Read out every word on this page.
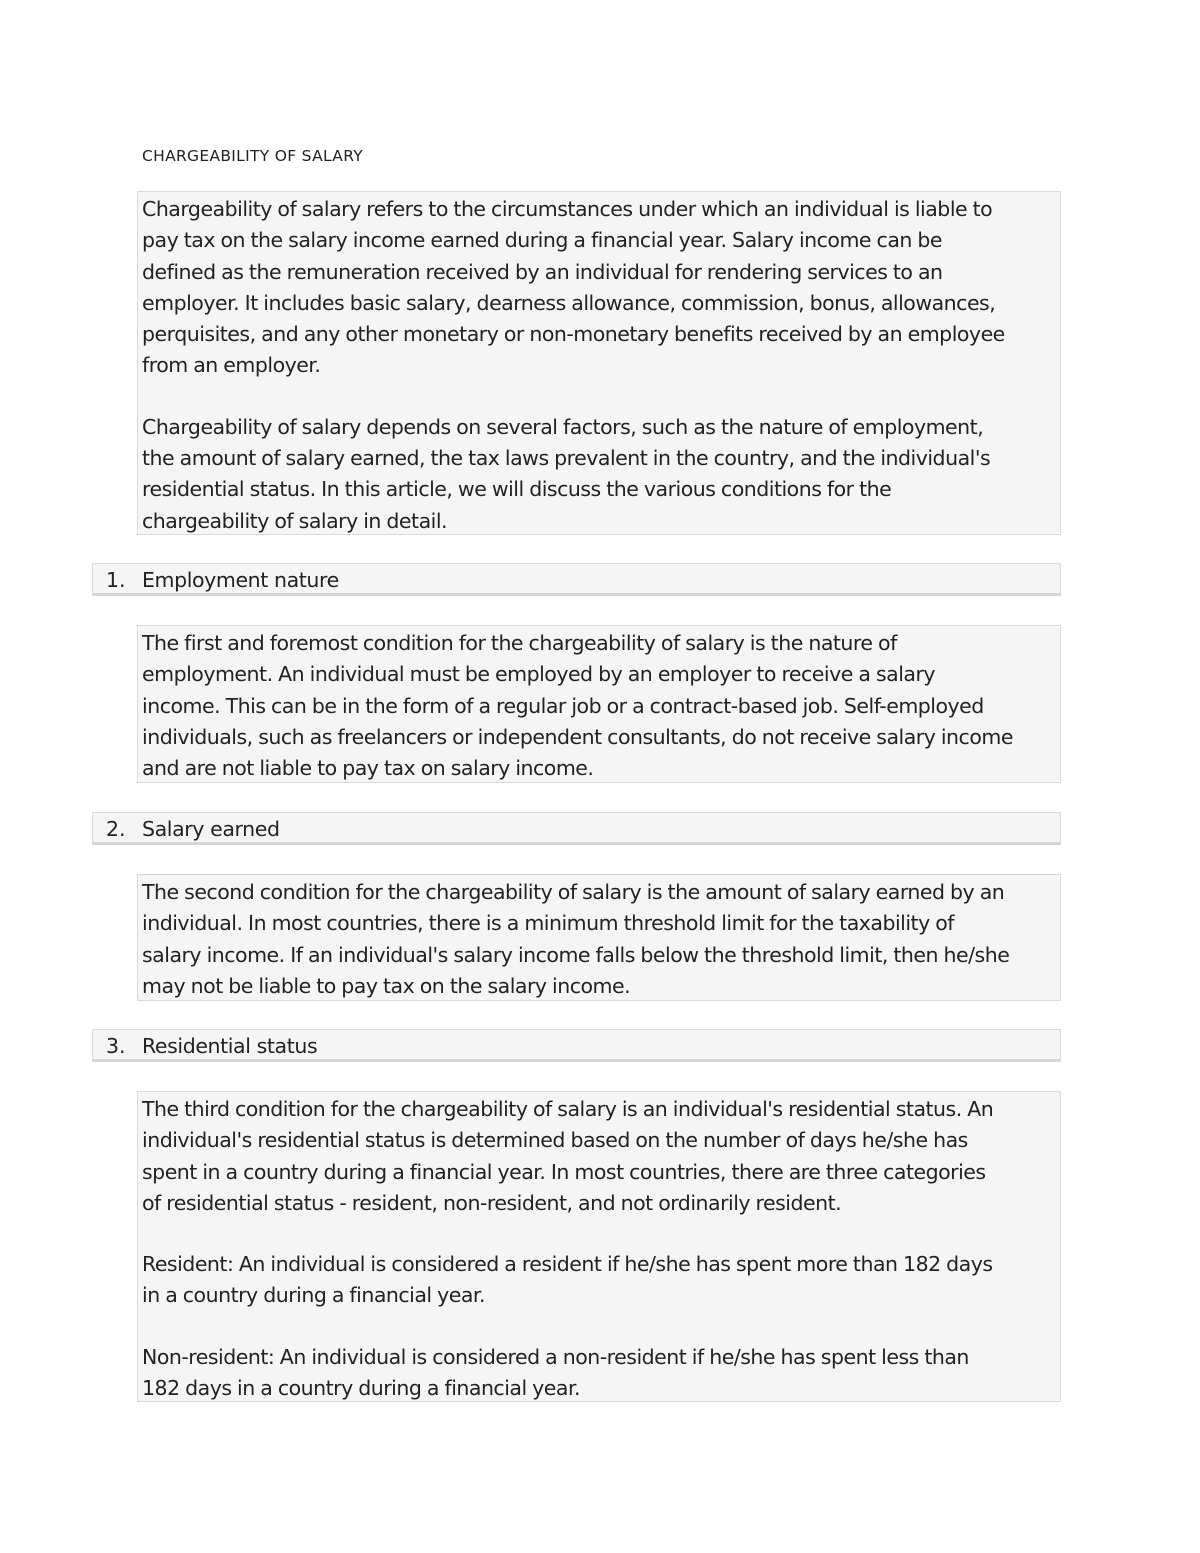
CHARGEABILITY OF SALARY

Chargeability of salary refers to the circumstances under which an individual is liable to
pay tax on the salary income earned during a financial year. Salary income can be
defined as the remuneration received by an individual for rendering services to an
employer. It includes basic salary, dearness allowance, commission, bonus, allowances,
perquisites, and any other monetary or non-monetary benefits received by an employee
from an employer.

Chargeability of salary depends on several factors, such as the nature of employment,
the amount of salary earned, the tax laws prevalent in the country, and the individual's
residential status. In this article, we will discuss the various conditions for the
chargeability of salary in detail.

1. Employment nature

The first and foremost condition for the chargeability of salary is the nature of
employment. An individual must be employed by an employer to receive a salary
income. This can be in the form of a regular job or a contract-based job. Self-employed
individuals, such as freelancers or independent consultants, do not receive salary income
and are not liable to pay tax on salary income.

2. Salary earned

The second condition for the chargeability of salary is the amount of salary earned by an
individual. In most countries, there is a minimum threshold limit for the taxability of
salary income. If an individual's salary income falls below the threshold limit, then he/she
may not be liable to pay tax on the salary income.

3. Residential status

The third condition for the chargeability of salary is an individual's residential status. An
individual's residential status is determined based on the number of days he/she has
spent in a country during a financial year. In most countries, there are three categories
of residential status - resident, non-resident, and not ordinarily resident.

Resident: An individual is considered a resident if he/she has spent more than 182 days
in a country during a financial year.

Non-resident: An individual is considered a non-resident if he/she has spent less than
182 days in a country during a financial year.
